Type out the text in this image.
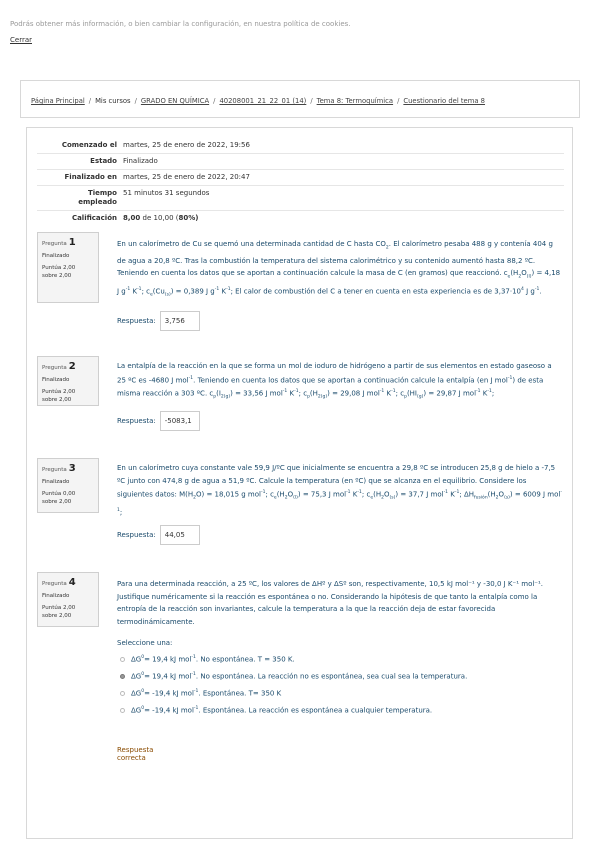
Podrás obtener más información, o bien cambiar la configuración, en nuestra política de cookies.
Cerrar
Página Principal / Mis cursos / GRADO EN QUÍMICA / 40208001_21_22_01 (14) / Tema 8: Termoquímica / Cuestionario del tema 8
Comenzado el martes, 25 de enero de 2022, 19:56
Estado Finalizado
Finalizado en martes, 25 de enero de 2022, 20:47
Tiempo
empleado
51 minutos 31 segundos
Calificación 8,00 de 10,00 (80%)
Pregunta 1
Finalizado
Puntúa 2,00
sobre 2,00
En un calorímetro de Cu se quemó una determinada cantidad de C hasta $CO_2$. El calorímetro pesaba 488 g y contenía 404 g de agua a 20,8 ºC. Tras la combustión la temperatura del sistema calorimétrico y su contenido aumentó hasta 88,2 ºC. Teniendo en cuenta los datos que se aportan a continuación calcule la masa de C (en gramos) que reaccionó. $c_e(H_2O_{(l)}) = 4,18$ J $g^{-1}$ $K^{-1}$; $c_e(Cu_{(s)}) = 0,389$ J $g^{-1}$ $K^{-1}$; El calor de combustión del C a tener en cuenta en esta experiencia es de $3,37\cdot 10^4$ J $g^{-1}$.
Respuesta:	3,756
Pregunta 2
Finalizado
Puntúa 2,00
sobre 2,00
La entalpía de la reacción en la que se forma un mol de ioduro de hidrógeno a partir de sus elementos en estado gaseoso a 25 ºC es -4680 J mol$^{-1}$. Teniendo en cuenta los datos que se aportan a continuación calcule la entalpía (en J mol$^{-1}$) de esta misma reacción a 303 ºC. $c_p(I_{2(g)}) = 33,56$ J mol$^{-1}$ $K^{-1}$; $c_p(H_{2(g)}) = 29,08$ J mol$^{-1}$ $K^{-1}$; $c_p(HI_{(g)}) = 29,87$ J mol$^{-1}$ $K^{-1}$;
Respuesta:	-5083,1
Pregunta 3
Finalizado
Puntúa 0,00
sobre 2,00
En un calorímetro cuya constante vale 59,9 J/ºC que inicialmente se encuentra a 29,8 ºC se introducen 25,8 g de hielo a -7,5 ºC junto con 474,8 g de agua a 51,9 ºC. Calcule la temperatura (en ºC) que se alcanza en el equilibrio. Considere los siguientes datos: $M(H_2O) = 18,015$ g mol$^{-1}$; $c_e(H_2O_{(l)}) = 75,3$ J mol$^{-1}$ $K^{-1}$; $c_e(H_2O_{(s)}) = 37,7$ J mol$^{-1}$ $K^{-1}$; $\Delta H_{fusión}(H_2O_{(s)}) = 6009$ J mol$^{-1}$;
Respuesta:	44,05
Pregunta 4
Finalizado
Puntúa 2,00
sobre 2,00
Para una determinada reacción, a 25 ºC, los valores de ΔHº y ΔSº son, respectivamente, 10,5 kJ mol⁻¹ y -30,0 J K⁻¹ mol⁻¹. Justifique numéricamente si la reacción es espontánea o no. Considerando la hipótesis de que tanto la entalpía como la entropía de la reacción son invariantes, calcule la temperatura a la que la reacción deja de estar favorecida termodinámicamente.
Seleccione una:
$\Delta G^0= 19,4$ kJ mol$^{-1}$. No espontánea. T = 350 K.
$\Delta G^0= 19,4$ kJ mol$^{-1}$. No espontánea. La reacción no es espontánea, sea cual sea la temperatura.
$\Delta G^0= -19,4$ kJ mol$^{-1}$. Espontánea. T= 350 K
$\Delta G^0= -19,4$ kJ mol$^{-1}$. Espontánea. La reacción es espontánea a cualquier temperatura.
Respuesta correcta
